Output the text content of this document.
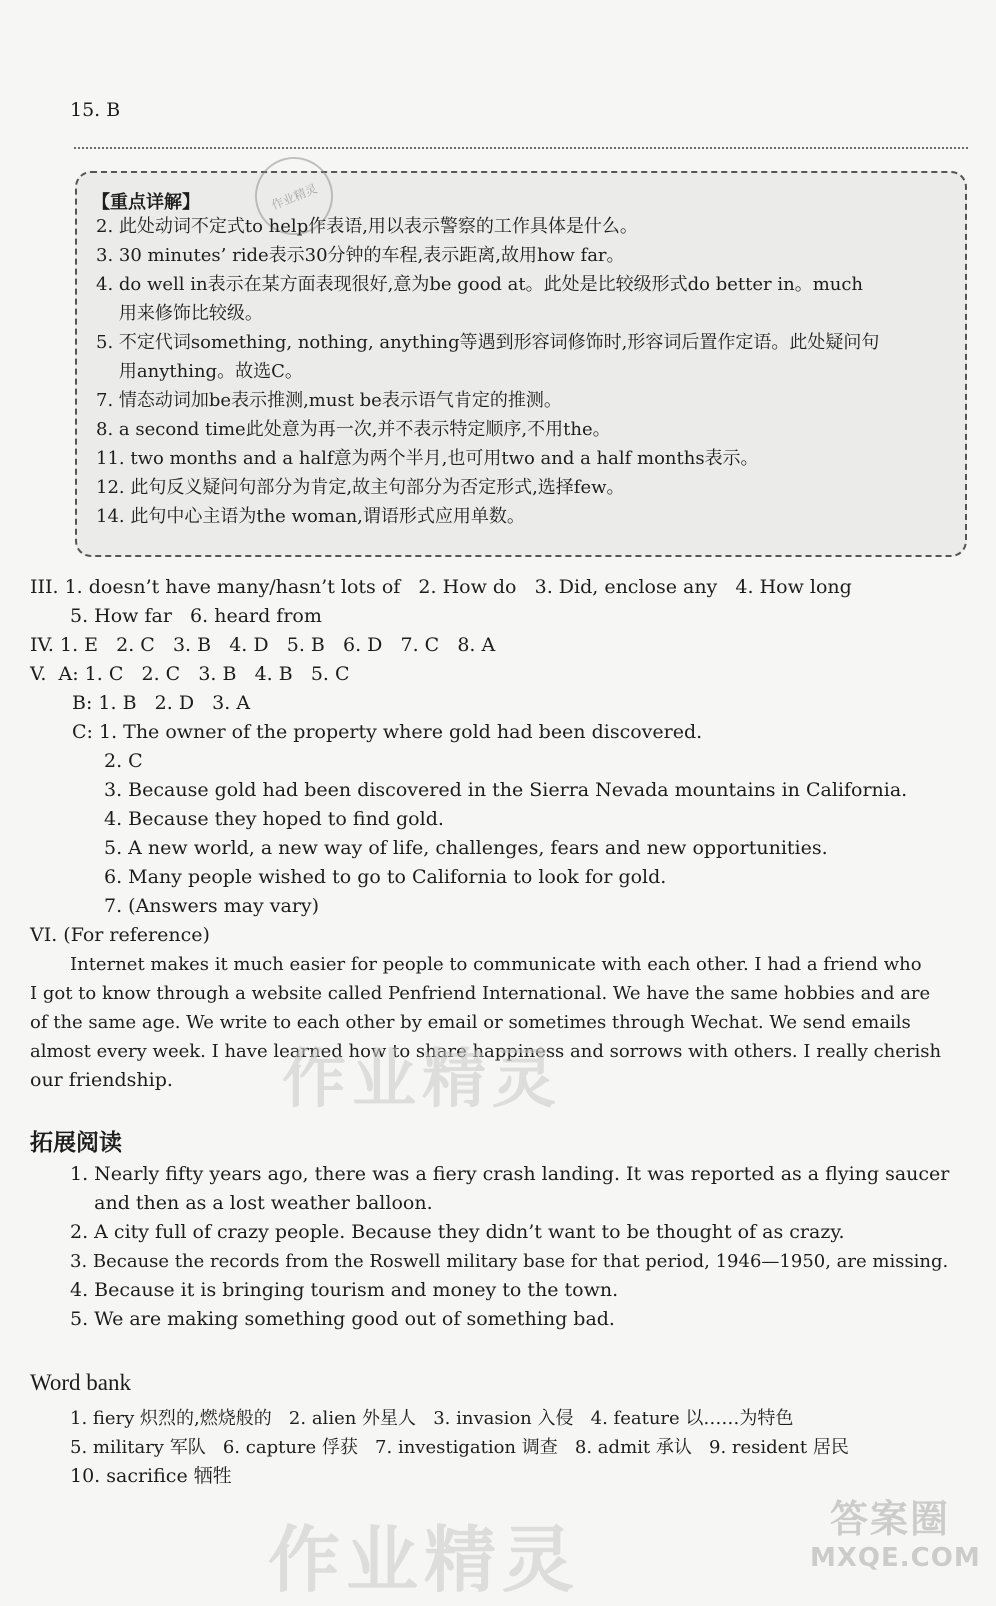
15. B
【重点详解】	作业精灵
2. 此处动词不定式to help作表语,用以表示警察的工作具体是什么。
3. 30 minutes’ ride表示30分钟的车程,表示距离,故用how far。
4. do well in表示在某方面表现很好,意为be good at。此处是比较级形式do better in。much
用来修饰比较级。
5. 不定代词something, nothing, anything等遇到形容词修饰时,形容词后置作定语。此处疑问句
用anything。故选C。
7. 情态动词加be表示推测,must be表示语气肯定的推测。
8. a second time此处意为再一次,并不表示特定顺序,不用the。
11. two months and a half意为两个半月,也可用two and a half months表示。
12. 此句反义疑问句部分为肯定,故主句部分为否定形式,选择few。
14. 此句中心主语为the woman,谓语形式应用单数。
III. 1. doesn’t have many/hasn’t lots of   2. How do   3. Did, enclose any   4. How long
5. How far   6. heard from
IV. 1. E   2. C   3. B   4. D   5. B   6. D   7. C   8. A
V.  A: 1. C   2. C   3. B   4. B   5. C
B: 1. B   2. D   3. A
C: 1. The owner of the property where gold had been discovered.
2. C
3. Because gold had been discovered in the Sierra Nevada mountains in California.
4. Because they hoped to find gold.
5. A new world, a new way of life, challenges, fears and new opportunities.
6. Many people wished to go to California to look for gold.
7. (Answers may vary)
VI. (For reference)
Internet makes it much easier for people to communicate with each other. I had a friend who
I got to know through a website called Penfriend International. We have the same hobbies and are
of the same age. We write to each other by email or sometimes through Wechat. We send emails
almost every week. I have learned how to share happiness and sorrows with others. I really cherish
our friendship. 作业精灵
拓展阅读
1. Nearly fifty years ago, there was a fiery crash landing. It was reported as a flying saucer
and then as a lost weather balloon.
2. A city full of crazy people. Because they didn’t want to be thought of as crazy.
3. Because the records from the Roswell military base for that period, 1946—1950, are missing.
4. Because it is bringing tourism and money to the town.
5. We are making something good out of something bad.
Word bank
1. fiery 炽烈的,燃烧般的   2. alien 外星人   3. invasion 入侵   4. feature 以……为特色
5. military 军队   6. capture 俘获   7. investigation 调查   8. admit 承认   9. resident 居民
10. sacrifice 牺牲
作业精灵	答案圈
MXQE.COM
